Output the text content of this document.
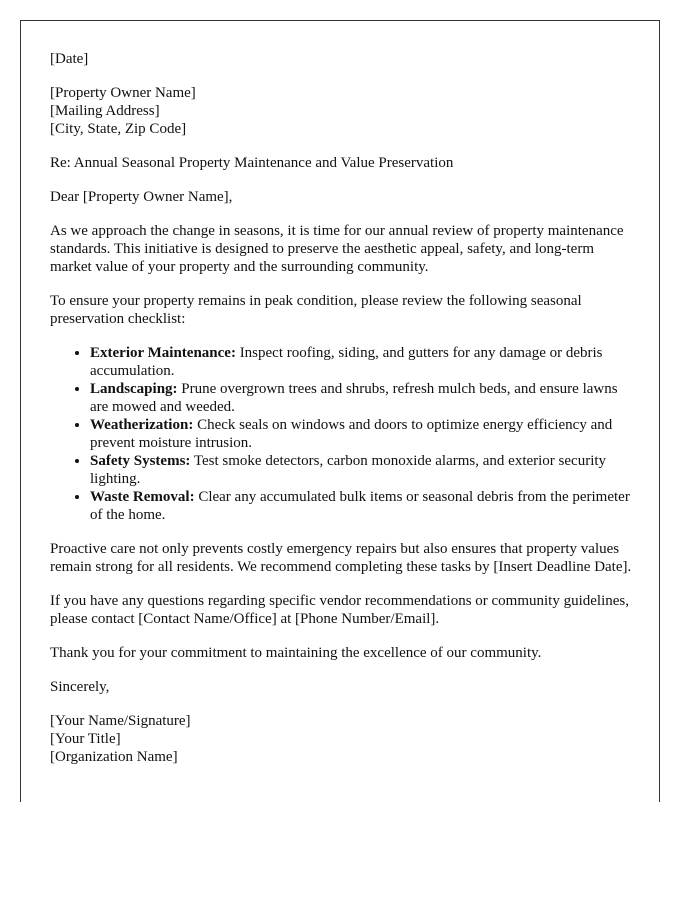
[Date]

[Property Owner Name]
[Mailing Address]
[City, State, Zip Code]

Re: Annual Seasonal Property Maintenance and Value Preservation

Dear [Property Owner Name],

As we approach the change in seasons, it is time for our annual review of property maintenance standards. This initiative is designed to preserve the aesthetic appeal, safety, and long-term market value of your property and the surrounding community.

To ensure your property remains in peak condition, please review the following seasonal preservation checklist:

• Exterior Maintenance: Inspect roofing, siding, and gutters for any damage or debris accumulation.
• Landscaping: Prune overgrown trees and shrubs, refresh mulch beds, and ensure lawns are mowed and weeded.
• Weatherization: Check seals on windows and doors to optimize energy efficiency and prevent moisture intrusion.
• Safety Systems: Test smoke detectors, carbon monoxide alarms, and exterior security lighting.
• Waste Removal: Clear any accumulated bulk items or seasonal debris from the perimeter of the home.

Proactive care not only prevents costly emergency repairs but also ensures that property values remain strong for all residents. We recommend completing these tasks by [Insert Deadline Date].

If you have any questions regarding specific vendor recommendations or community guidelines, please contact [Contact Name/Office] at [Phone Number/Email].

Thank you for your commitment to maintaining the excellence of our community.

Sincerely,

[Your Name/Signature]
[Your Title]
[Organization Name]
